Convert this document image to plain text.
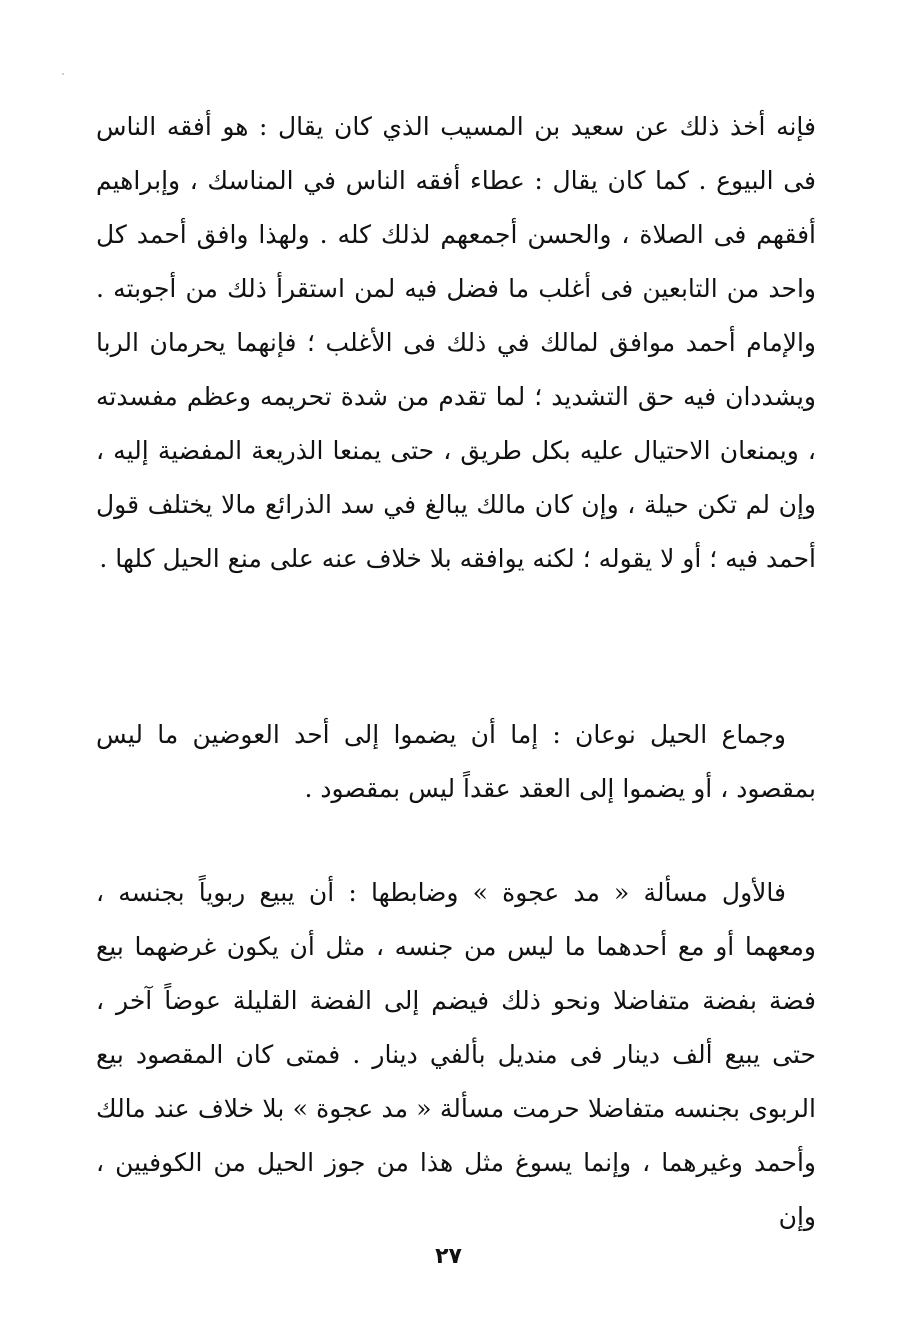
فإنه أخذ ذلك عن سعيد بن المسيب الذي كان يقال : هو أفقه الناس فى البيوع . كما كان يقال : عطاء أفقه الناس في المناسك ، وإبراهيم أفقهم فى الصلاة ، والحسن أجمعهم لذلك كله . ولهذا وافق أحمد كل واحد من التابعين فى أغلب ما فضل فيه لمن استقرأ ذلك من أجوبته . والإمام أحمد موافق لمالك في ذلك فى الأغلب ؛ فإنهما يحرمان الربا ويشددان فيه حق التشديد ؛ لما تقدم من شدة تحريمه وعظم مفسدته ، ويمنعان الاحتيال عليه بكل طريق ، حتى يمنعا الذريعة المفضية إليه ، وإن لم تكن حيلة ، وإن كان مالك يبالغ في سد الذرائع مالا يختلف قول أحمد فيه ؛ أو لا يقوله ؛ لكنه يوافقه بلا خلاف عنه على منع الحيل كلها .

وجماع الحيل نوعان : إما أن يضموا إلى أحد العوضين ما ليس بمقصود ، أو يضموا إلى العقد عقداً ليس بمقصود .

فالأول مسألة « مد عجوة » وضابطها : أن يبيع ربوياً بجنسه ، ومعهما أو مع أحدهما ما ليس من جنسه ، مثل أن يكون غرضهما بيع فضة بفضة متفاضلا ونحو ذلك فيضم إلى الفضة القليلة عوضاً آخر ، حتى يبيع ألف دينار فى منديل بألفي دينار . فمتى كان المقصود بيع الربوى بجنسه متفاضلا حرمت مسألة « مد عجوة » بلا خلاف عند مالك وأحمد وغيرهما ، وإنما يسوغ مثل هذا من جوز الحيل من الكوفيين ، وإن

٢٧
